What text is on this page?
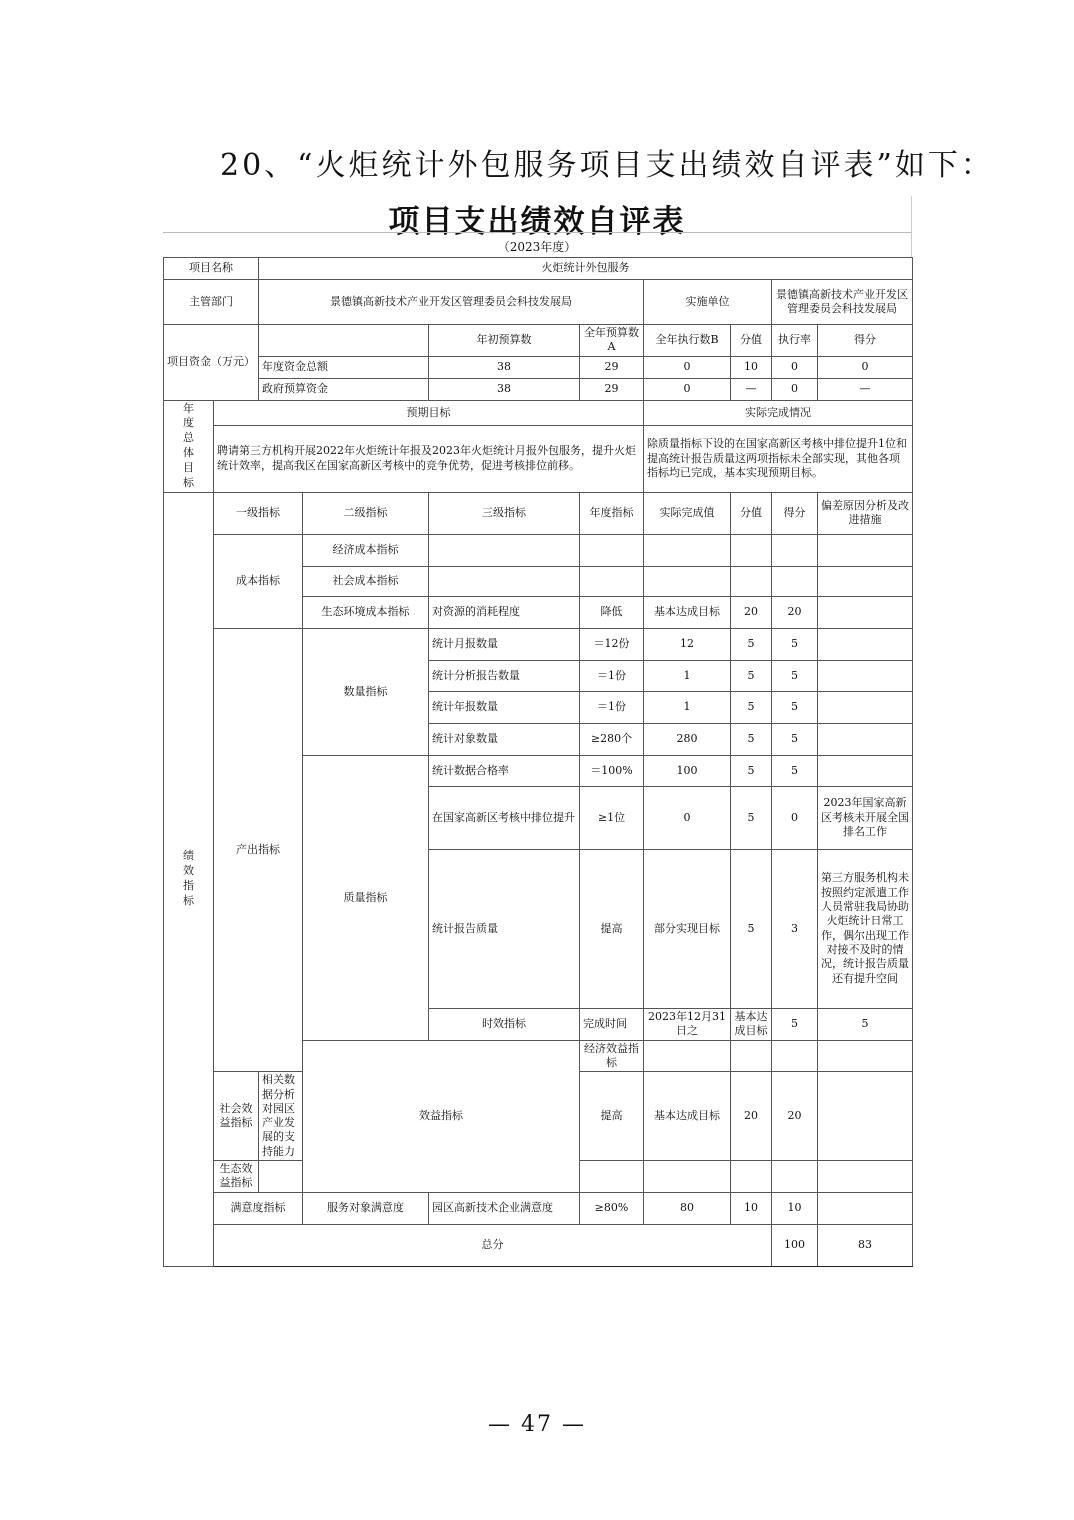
20、“火炬统计外包服务项目支出绩效自评表”如下：
项目支出绩效自评表
（2023年度）
项目名称		火炬统计外包服务								
主管部门		景德镇高新技术产业开发区管理委员会科技发展局				实施单位		景德镇高新技术产业开发区管理委员会科技发展局		
项目资金（万元）				年初预算数	全年预算数A	全年执行数B	分值	执行率	得分	
		年度资金总额		38	29	0	10	0	0	
		政府预算资金		38	29	0	—	0	—	
年度总体目标	预期目标					实际完成情况				
	聘请第三方机构开展2022年火炬统计年报及2023年火炬统计月报外包服务，提升火炬统计效率，提高我区在国家高新区考核中的竞争优势，促进考核排位前移。					除质量指标下设的在国家高新区考核中排位提升1位和提高统计报告质量这两项指标未全部实现，其他各项指标均已完成，基本实现预期目标。				
绩效指标	一级指标		二级指标	三级指标	年度指标	实际完成值	分值	得分	偏差原因分析及改进措施	
	成本指标		经济成本指标							
			社会成本指标							
			生态环境成本指标	对资源的消耗程度	降低	基本达成目标	20	20		
	产出指标		数量指标	统计月报数量	＝12份	12	5	5		
				统计分析报告数量	＝1份	1	5	5		
				统计年报数量	＝1份	1	5	5		
				统计对象数量	≥280个	280	5	5		
			质量指标	统计数据合格率	＝100%	100	5	5		
				在国家高新区考核中排位提升	≥1位	0	5	0	2023年国家高新区考核未开展全国排名工作	
				统计报告质量	提高	部分实现目标	5	3	第三方服务机构未按照约定派遣工作人员常驻我局协助火炬统计日常工作，偶尔出现工作对接不及时的情况，统计报告质量还有提升空间	
				时效指标	完成时间	2023年12月31日之	基本达成目标	5	5	
			效益指标		经济效益指标						
	社会效益指标	相关数据分析对园区产业发展的支持能力			提高	基本达成目标	20	20		
	生态效益指标									
	满意度指标		服务对象满意度	园区高新技术企业满意度	≥80%	80	10	10		
	总分							100	83	
— 47 —
